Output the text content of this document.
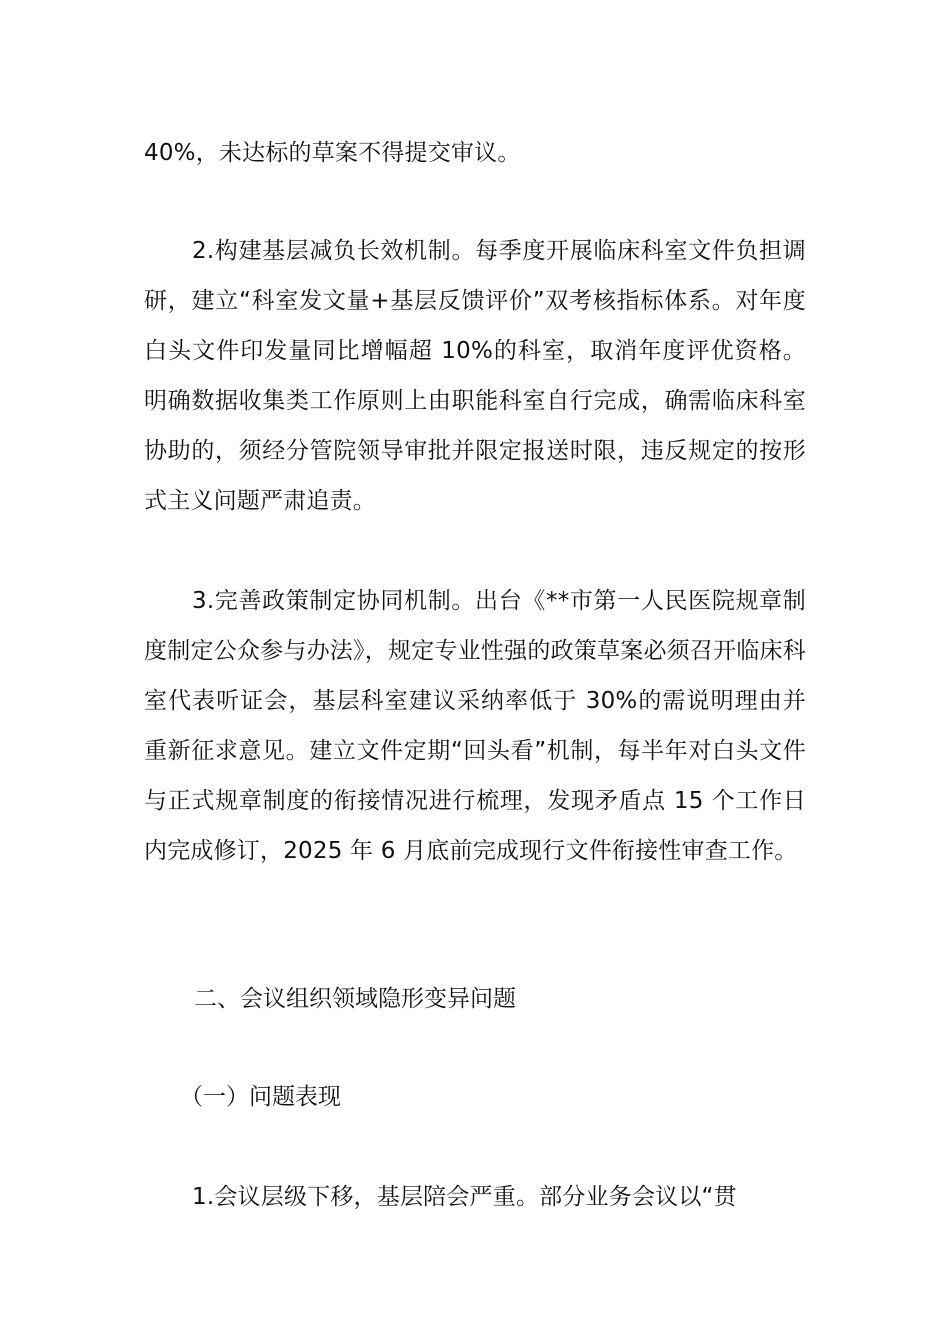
40%，未达标的草案不得提交审议。

2.构建基层减负长效机制。每季度开展临床科室文件负担调研，建立“科室发文量+基层反馈评价”双考核指标体系。对年度白头文件印发量同比增幅超 10%的科室，取消年度评优资格。明确数据收集类工作原则上由职能科室自行完成，确需临床科室协助的，须经分管院领导审批并限定报送时限，违反规定的按形式主义问题严肃追责。

3.完善政策制定协同机制。出台《**市第一人民医院规章制度制定公众参与办法》，规定专业性强的政策草案必须召开临床科室代表听证会，基层科室建议采纳率低于 30%的需说明理由并重新征求意见。建立文件定期“回头看”机制，每半年对白头文件与正式规章制度的衔接情况进行梳理，发现矛盾点 15 个工作日内完成修订，2025 年 6 月底前完成现行文件衔接性审查工作。

二、会议组织领域隐形变异问题

（一）问题表现

1.会议层级下移，基层陪会严重。部分业务会议以“贯
